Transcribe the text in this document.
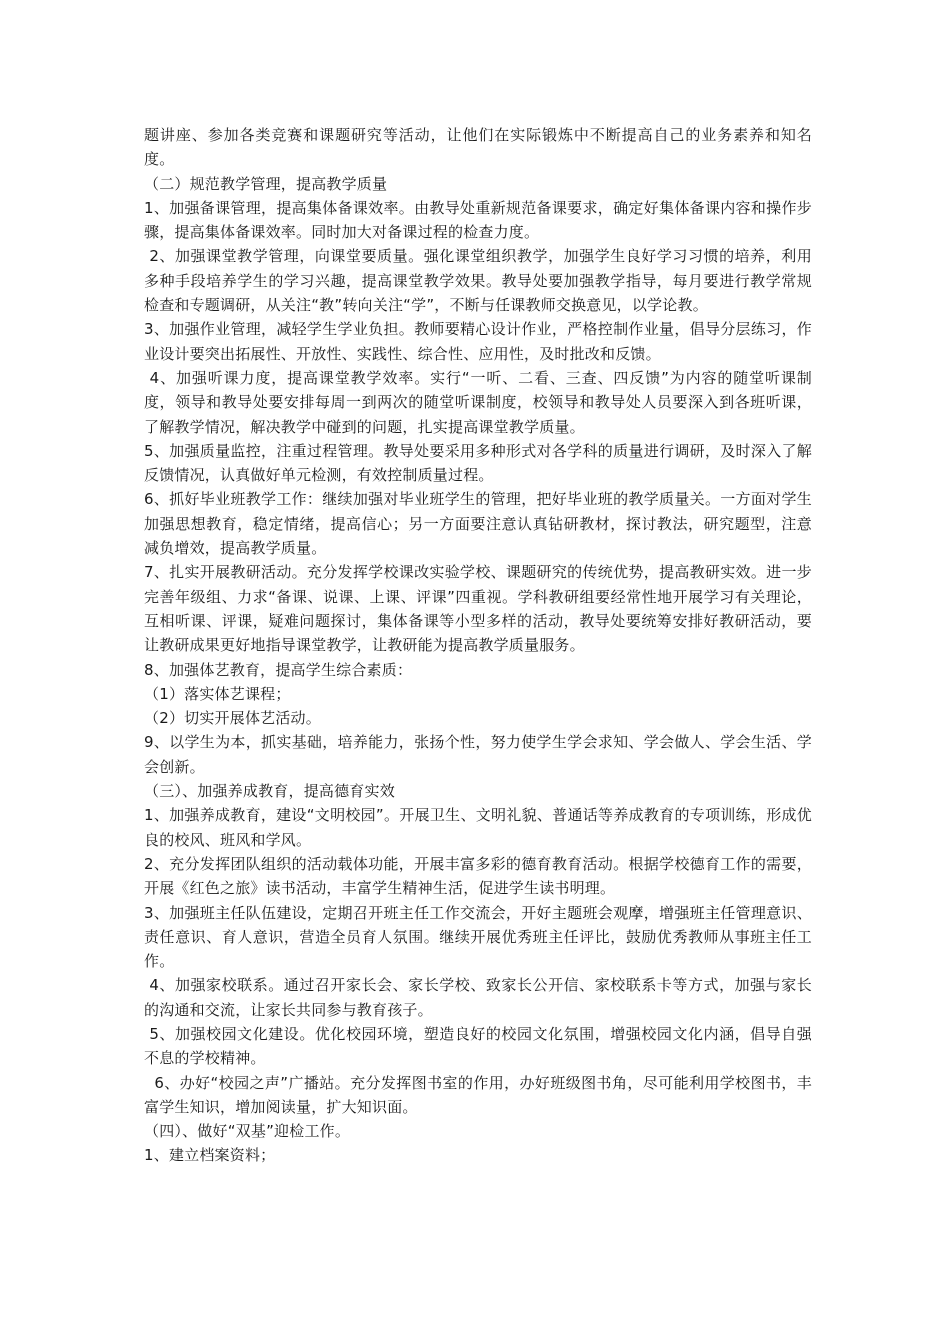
题讲座、参加各类竞赛和课题研究等活动，让他们在实际锻炼中不断提高自己的业务素养和知名度。

（二）规范教学管理，提高教学质量

1、加强备课管理，提高集体备课效率。由教导处重新规范备课要求，确定好集体备课内容和操作步骤，提高集体备课效率。同时加大对备课过程的检查力度。

2、加强课堂教学管理，向课堂要质量。强化课堂组织教学，加强学生良好学习习惯的培养，利用多种手段培养学生的学习兴趣，提高课堂教学效果。教导处要加强教学指导，每月要进行教学常规检查和专题调研，从关注“教”转向关注“学”，不断与任课教师交换意见，以学论教。

3、加强作业管理，减轻学生学业负担。教师要精心设计作业，严格控制作业量，倡导分层练习，作业设计要突出拓展性、开放性、实践性、综合性、应用性，及时批改和反馈。

4、加强听课力度，提高课堂教学效率。实行“一听、二看、三查、四反馈”为内容的随堂听课制度，领导和教导处要安排每周一到两次的随堂听课制度，校领导和教导处人员要深入到各班听课，了解教学情况，解决教学中碰到的问题，扎实提高课堂教学质量。

5、加强质量监控，注重过程管理。教导处要采用多种形式对各学科的质量进行调研，及时深入了解反馈情况，认真做好单元检测，有效控制质量过程。

6、抓好毕业班教学工作：继续加强对毕业班学生的管理，把好毕业班的教学质量关。一方面对学生加强思想教育，稳定情绪，提高信心；另一方面要注意认真钻研教材，探讨教法，研究题型，注意减负增效，提高教学质量。

7、扎实开展教研活动。充分发挥学校课改实验学校、课题研究的传统优势，提高教研实效。进一步完善年级组、力求“备课、说课、上课、评课”四重视。学科教研组要经常性地开展学习有关理论，互相听课、评课，疑难问题探讨，集体备课等小型多样的活动，教导处要统筹安排好教研活动，要让教研成果更好地指导课堂教学，让教研能为提高教学质量服务。

8、加强体艺教育，提高学生综合素质：

（1）落实体艺课程；

（2）切实开展体艺活动。

9、以学生为本，抓实基础，培养能力，张扬个性，努力使学生学会求知、学会做人、学会生活、学会创新。

（三）、加强养成教育，提高德育实效

1、加强养成教育，建设“文明校园”。开展卫生、文明礼貌、普通话等养成教育的专项训练，形成优良的校风、班风和学风。

2、充分发挥团队组织的活动载体功能，开展丰富多彩的德育教育活动。根据学校德育工作的需要，开展《红色之旅》读书活动，丰富学生精神生活，促进学生读书明理。

3、加强班主任队伍建设，定期召开班主任工作交流会，开好主题班会观摩，增强班主任管理意识、责任意识、育人意识，营造全员育人氛围。继续开展优秀班主任评比，鼓励优秀教师从事班主任工作。

4、加强家校联系。通过召开家长会、家长学校、致家长公开信、家校联系卡等方式，加强与家长的沟通和交流，让家长共同参与教育孩子。

5、加强校园文化建设。优化校园环境，塑造良好的校园文化氛围，增强校园文化内涵，倡导自强不息的学校精神。

6、办好“校园之声”广播站。充分发挥图书室的作用，办好班级图书角，尽可能利用学校图书，丰富学生知识，增加阅读量，扩大知识面。

（四）、做好“双基”迎检工作。

1、建立档案资料；
